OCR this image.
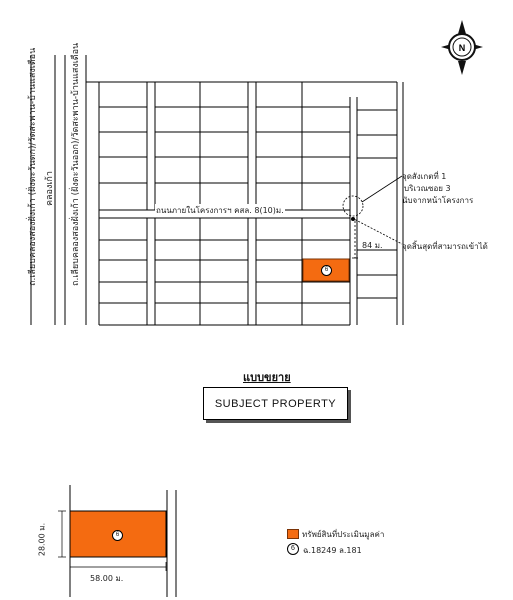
N
ถ.เลียบคลองสองฝั่งเก้า (ฝั่งตะวันตก)/วัดสะพาน-บ้านแสงเดือน คลองเก้า	ถ.เลียบคลองสองฝั่งเก้า (ฝั่งตะวันออก)/วัดสะพาน-บ้านแสงเดือน	ถนนภายในโครงการฯ คสล. 8(10)ม.
จุดสังเกตที่ 1
บริเวณซอย 3
นับจากหน้าโครงการ
84 ม. จุดสิ้นสุดที่สามารถเข้าได้
6
แบบขยาย
SUBJECT PROPERTY
6
58.00 ม.
28.00 ม.	ทรัพย์สินที่ประเมินมูลค่า
6	ฉ.18249 ล.181
